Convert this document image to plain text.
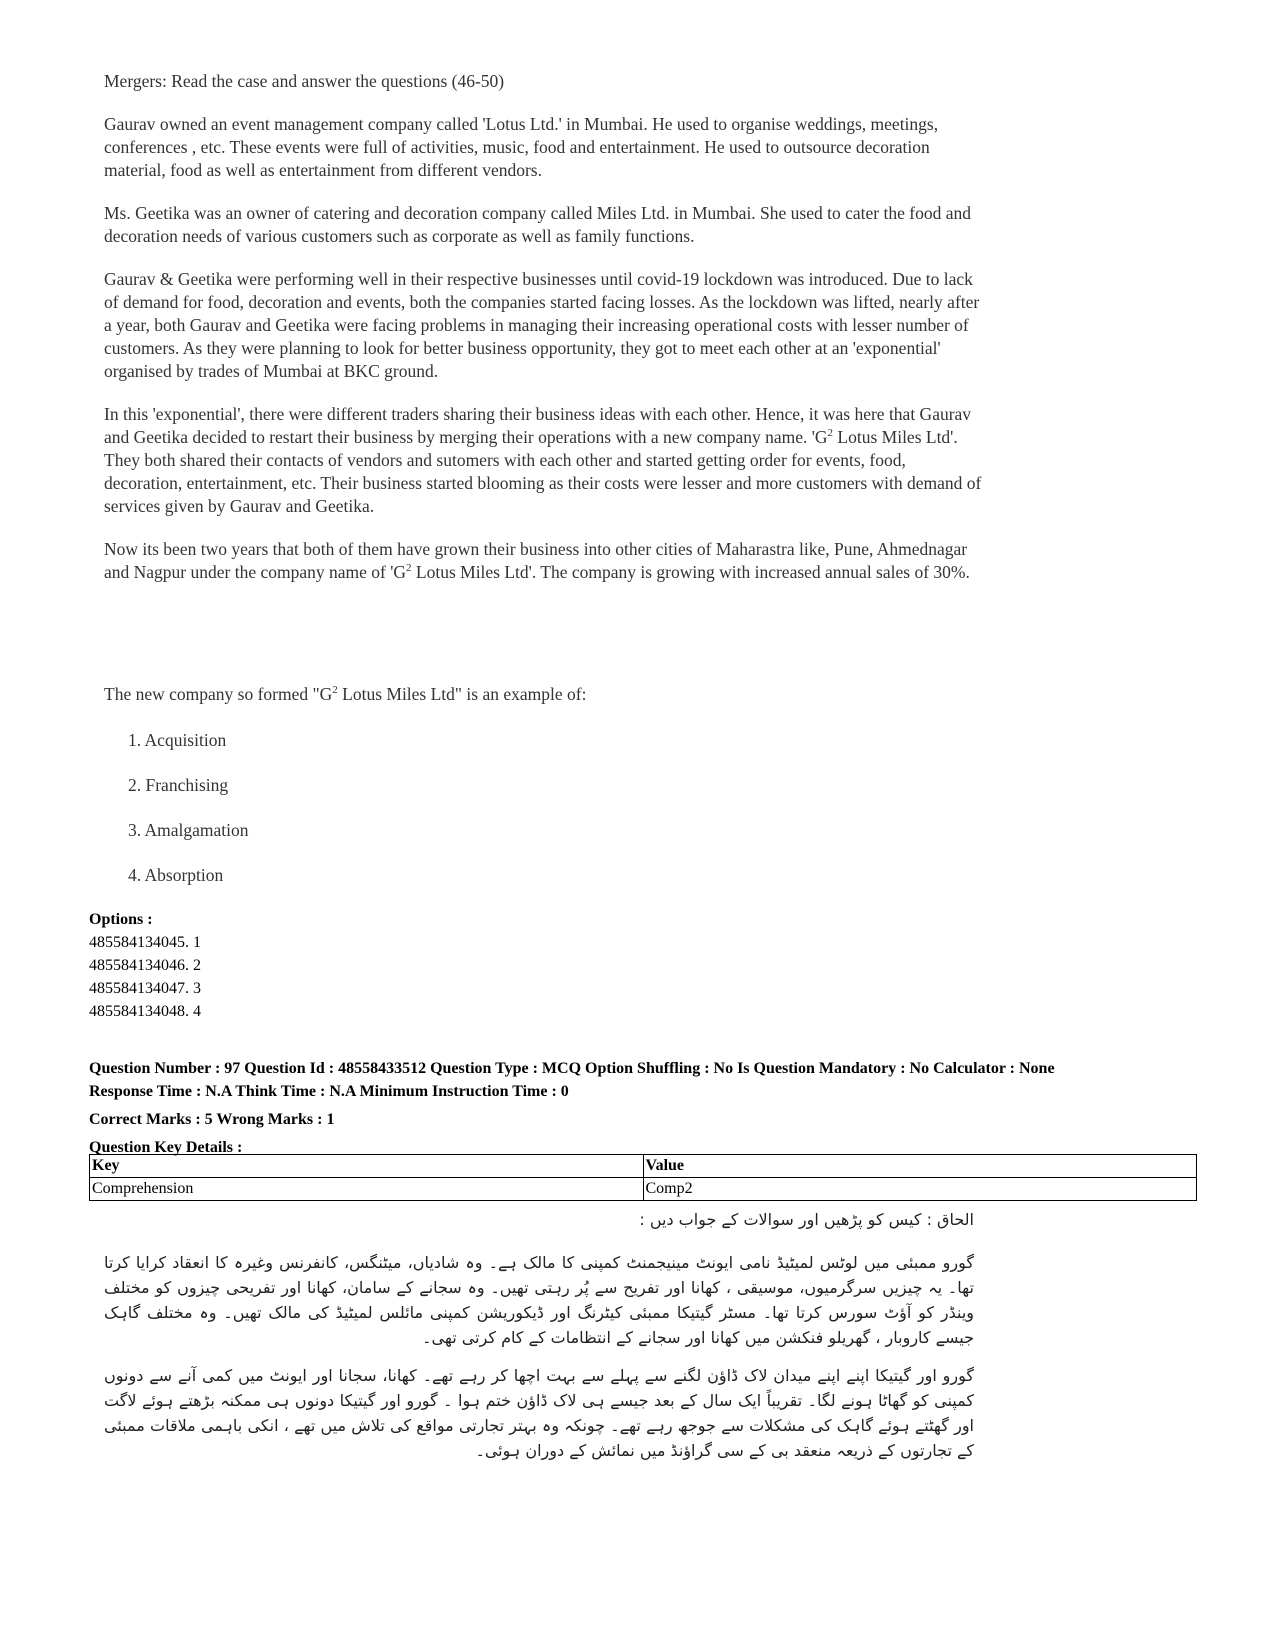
Mergers: Read the case and answer the questions (46-50)

Gaurav owned an event management company called 'Lotus Ltd.' in Mumbai. He used to organise weddings, meetings, conferences , etc. These events were full of activities, music, food and entertainment. He used to outsource decoration material, food as well as entertainment from different vendors.

Ms. Geetika was an owner of catering and decoration company called Miles Ltd. in Mumbai. She used to cater the food and decoration needs of various customers such as corporate as well as family functions.

Gaurav & Geetika were performing well in their respective businesses until covid-19 lockdown was introduced. Due to lack of demand for food, decoration and events, both the companies started facing losses. As the lockdown was lifted, nearly after a year, both Gaurav and Geetika were facing problems in managing their increasing operational costs with lesser number of customers. As they were planning to look for better business opportunity, they got to meet each other at an 'exponential' organised by trades of Mumbai at BKC ground.

In this 'exponential', there were different traders sharing their business ideas with each other. Hence, it was here that Gaurav and Geetika decided to restart their business by merging their operations with a new company name. '$G^2$ Lotus Miles Ltd'. They both shared their contacts of vendors and sutomers with each other and started getting order for events, food, decoration, entertainment, etc. Their business started blooming as their costs were lesser and more customers with demand of services given by Gaurav and Geetika.

Now its been two years that both of them have grown their business into other cities of Maharastra like, Pune, Ahmednagar and Nagpur under the company name of '$G^2$ Lotus Miles Ltd'. The company is growing with increased annual sales of 30%.

The new company so formed "$G^2$ Lotus Miles Ltd" is an example of:
1. Acquisition
2. Franchising
3. Amalgamation
4. Absorption
Options :
485584134045. 1
485584134046. 2
485584134047. 3
485584134048. 4
Question Number : 97 Question Id : 48558433512 Question Type : MCQ Option Shuffling : No Is Question Mandatory : No Calculator : None
Response Time : N.A Think Time : N.A Minimum Instruction Time : 0
Correct Marks : 5 Wrong Marks : 1
Question Key Details :
Key	Value
Comprehension	Comp2
الحاق : کیس کو پڑھیں اور سوالات کے جواب دیں :
گورو ممبئی میں لوٹس لمیٹیڈ نامی ایونٹ مینیجمنٹ کمپنی کا مالک ہے۔ وہ شادیاں، میٹنگس، کانفرنس وغیرہ کا انعقاد کرایا کرتا تھا۔ یہ چیزیں سرگرمیوں، موسیقی ، کھانا اور تفریح سے پُر رہتی تھیں۔ وہ سجانے کے سامان، کھانا اور تفریحی چیزوں کو مختلف وینڈر کو آؤٹ سورس کرتا تھا۔ مسٹر گیتیکا ممبئی کیٹرنگ اور ڈیکوریشن کمپنی مائلس لمیٹیڈ کی مالک تھیں۔ وہ مختلف گاہک جیسے کاروبار ، گھریلو فنکشن میں کھانا اور سجانے کے انتظامات کے کام کرتی تھی۔
گورو اور گیتیکا اپنے اپنے میدان لاک ڈاؤن لگنے سے پہلے سے بہت اچھا کر رہے تھے۔ کھانا، سجانا اور ایونٹ میں کمی آنے سے دونوں کمپنی کو گھاٹا ہونے لگا۔ تقریباً ایک سال کے بعد جیسے ہی لاک ڈاؤن ختم ہوا ۔ گورو اور گیتیکا دونوں ہی ممکنہ بڑھتے ہوئے لاگت اور گھٹتے ہوئے گاہک کی مشکلات سے جوجھ رہے تھے۔ چونکہ وہ بہتر تجارتی مواقع کی تلاش میں تھے ، انکی باہمی ملاقات ممبئی کے تجارتوں کے ذریعہ منعقد بی کے سی گراؤنڈ میں نمائش کے دوران ہوئی۔
